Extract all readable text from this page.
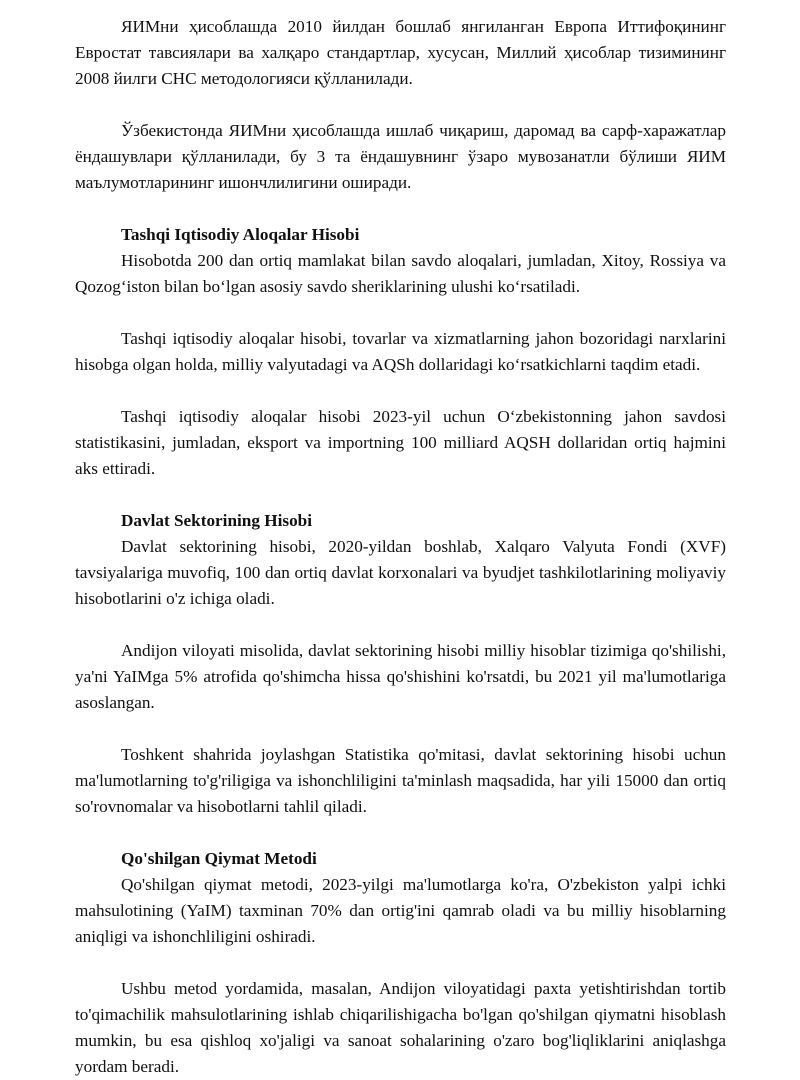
ЯИМни ҳисоблашда 2010 йилдан бошлаб янгиланган Европа Иттифоқининг Евростат тавсиялари ва халқаро стандартлар, хусусан, Миллий ҳисоблар тизимининг 2008 йилги СНС методологияси қўлланилади.

Ўзбекистонда ЯИМни ҳисоблашда ишлаб чиқариш, даромад ва сарф-харажатлар ёндашувлари қўлланилади, бу 3 та ёндашувнинг ўзаро мувозанатли бўлиши ЯИМ маълумотларининг ишончлилигини оширади.

Tashqi Iqtisodiy Aloqalar Hisobi

Hisobotda 200 dan ortiq mamlakat bilan savdo aloqalari, jumladan, Xitoy, Rossiya va Qozogʻiston bilan boʻlgan asosiy savdo sheriklarining ulushi koʻrsatiladi.

Tashqi iqtisodiy aloqalar hisobi, tovarlar va xizmatlarning jahon bozoridagi narxlarini hisobga olgan holda, milliy valyutadagi va AQSh dollaridagi koʻrsatkichlarni taqdim etadi.

Tashqi iqtisodiy aloqalar hisobi 2023-yil uchun Oʻzbekistonning jahon savdosi statistikasini, jumladan, eksport va importning 100 milliard AQSH dollaridan ortiq hajmini aks ettiradi.

Davlat Sektorining Hisobi

Davlat sektorining hisobi, 2020-yildan boshlab, Xalqaro Valyuta Fondi (XVF) tavsiyalariga muvofiq, 100 dan ortiq davlat korxonalari va byudjet tashkilotlarining moliyaviy hisobotlarini o'z ichiga oladi.

Andijon viloyati misolida, davlat sektorining hisobi milliy hisoblar tizimiga qo'shilishi, ya'ni YaIMga 5% atrofida qo'shimcha hissa qo'shishini ko'rsatdi, bu 2021 yil ma'lumotlariga asoslangan.

Toshkent shahrida joylashgan Statistika qo'mitasi, davlat sektorining hisobi uchun ma'lumotlarning to'g'riligiga va ishonchliligini ta'minlash maqsadida, har yili 15000 dan ortiq so'rovnomalar va hisobotlarni tahlil qiladi.

Qo'shilgan Qiymat Metodi

Qo'shilgan qiymat metodi, 2023-yilgi ma'lumotlarga ko'ra, O'zbekiston yalpi ichki mahsulotining (YaIM) taxminan 70% dan ortig'ini qamrab oladi va bu milliy hisoblarning aniqligi va ishonchliligini oshiradi.

Ushbu metod yordamida, masalan, Andijon viloyatidagi paxta yetishtirishdan tortib to'qimachilik mahsulotlarining ishlab chiqarilishigacha bo'lgan qo'shilgan qiymatni hisoblash mumkin, bu esa qishloq xo'jaligi va sanoat sohalarining o'zaro bog'liqliklarini aniqlashga yordam beradi.
